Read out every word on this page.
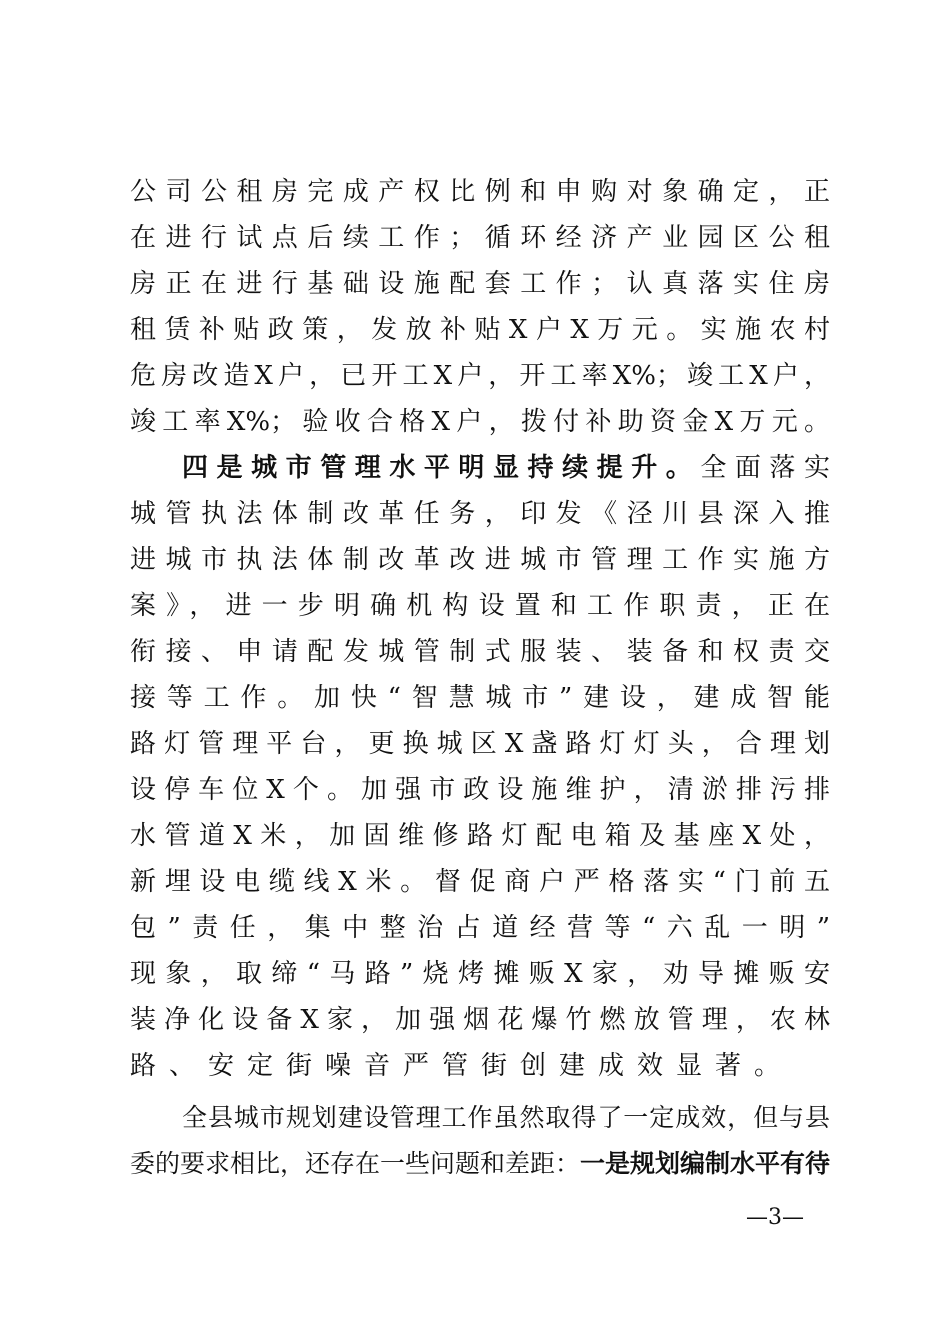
公司公租房完成产权比例和申购对象确定，正

在进行试点后续工作；循环经济产业园区公租

房正在进行基础设施配套工作；认真落实住房

租赁补贴政策，发放补贴X户X万元。实施农村

危房改造X户，已开工X户，开工率X%；竣工X户，

竣工率X%；验收合格X户，拨付补助资金X万元。

四是城市管理水平明显持续提升。全面落实

城管执法体制改革任务，印发《泾川县深入推

进城市执法体制改革改进城市管理工作实施方

案》，进一步明确机构设置和工作职责，正在

衔接、申请配发城管制式服装、装备和权责交

接等工作。加快“智慧城市”建设，建成智能

路灯管理平台，更换城区X盏路灯灯头，合理划

设停车位X个。加强市政设施维护，清淤排污排

水管道X米，加固维修路灯配电箱及基座X处，

新埋设电缆线X米。督促商户严格落实“门前五

包”责任，集中整治占道经营等“六乱一明”

现象，取缔“马路”烧烤摊贩X家，劝导摊贩安

装净化设备X家，加强烟花爆竹燃放管理，农林

路、安定街噪音严管街创建成效显著。

全县城市规划建设管理工作虽然取得了一定成效，但与县

委的要求相比，还存在一些问题和差距：一是规划编制水平有待

—3—
